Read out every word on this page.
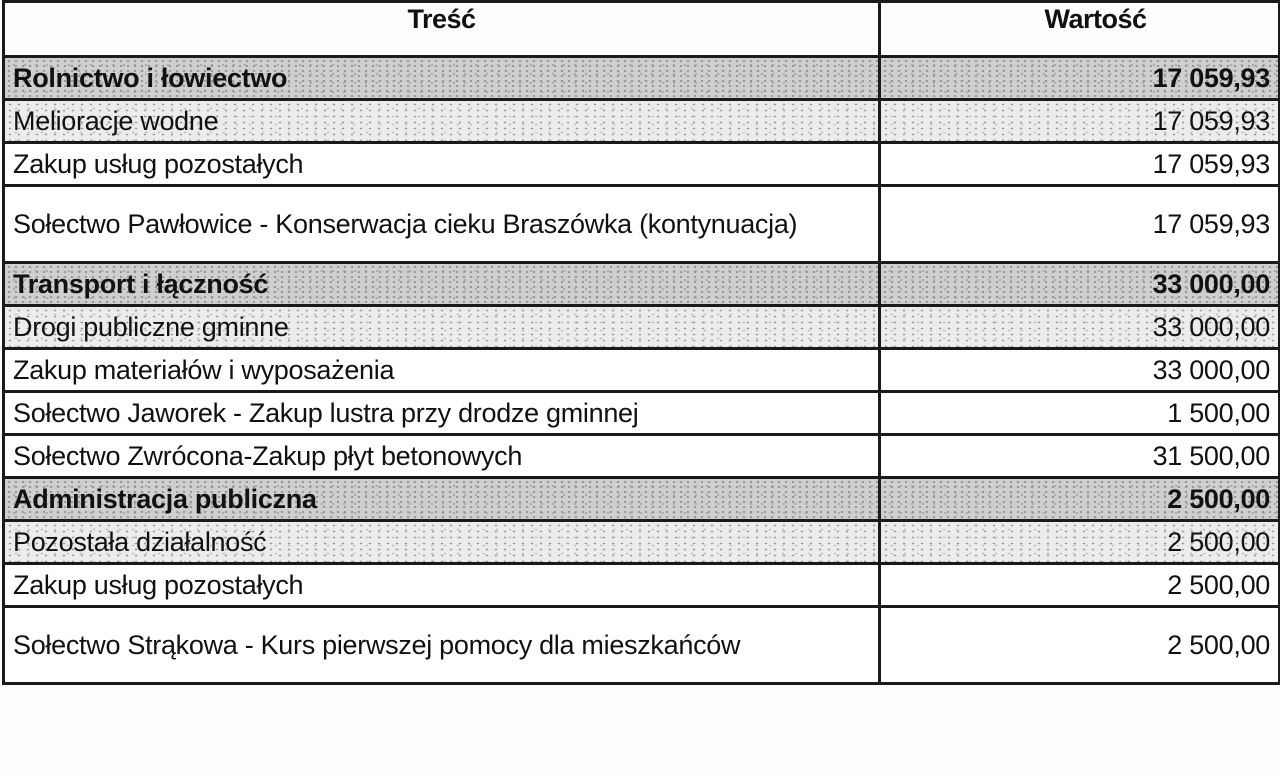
Treść	Wartość
Rolnictwo i łowiectwo	17 059,93
Melioracje wodne	17 059,93
Zakup usług pozostałych	17 059,93
Sołectwo Pawłowice - Konserwacja cieku Braszówka (kontynuacja)	17 059,93
Transport i łączność	33 000,00
Drogi publiczne gminne	33 000,00
Zakup materiałów i wyposażenia	33 000,00
Sołectwo Jaworek - Zakup lustra przy drodze gminnej	1 500,00
Sołectwo Zwrócona-Zakup płyt betonowych	31 500,00
Administracja publiczna	2 500,00
Pozostała działalność	2 500,00
Zakup usług pozostałych	2 500,00
Sołectwo Strąkowa - Kurs pierwszej pomocy dla mieszkańców	2 500,00
